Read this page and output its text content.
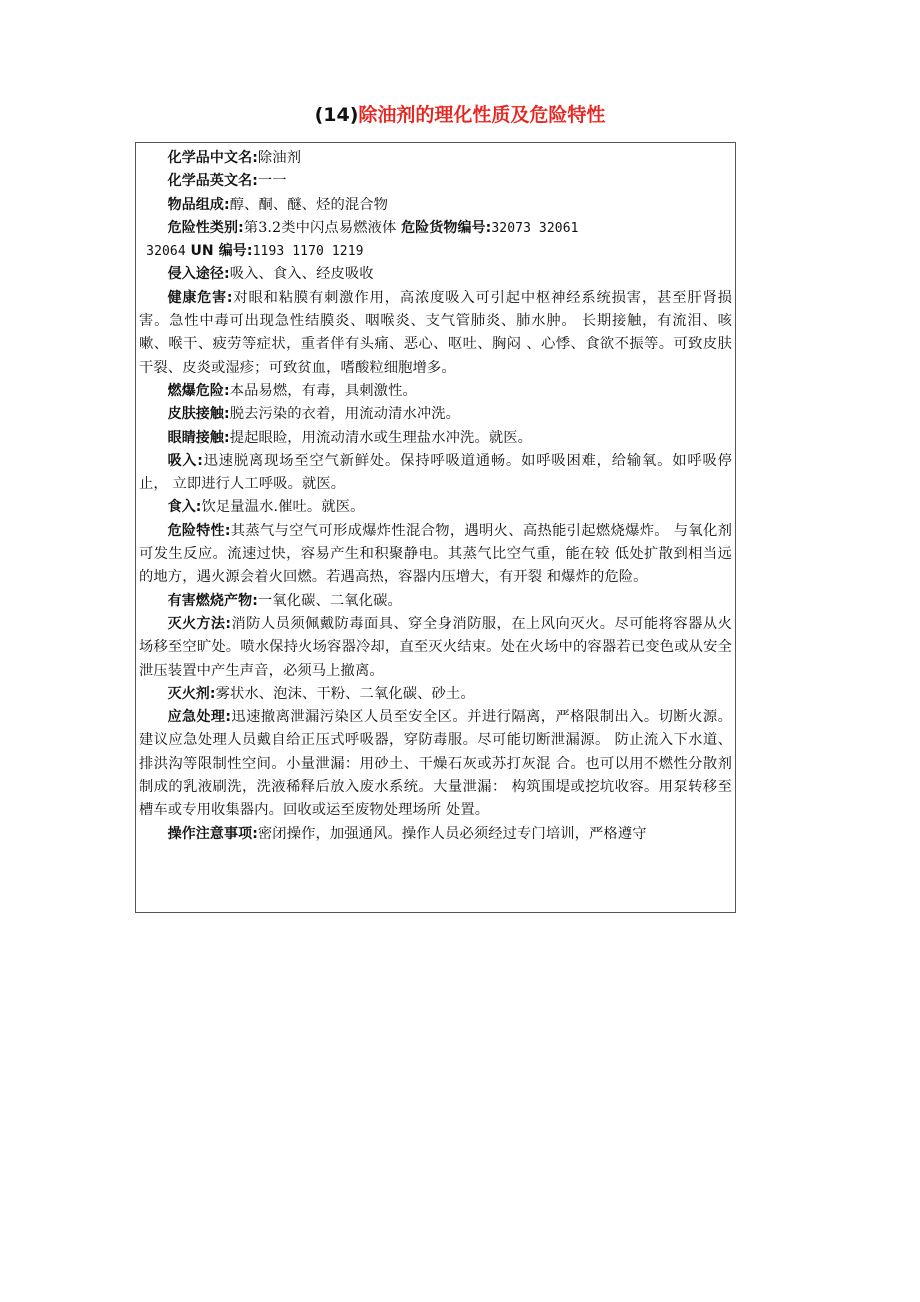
(14)除油剂的理化性质及危险特性

化学品中文名:除油剂

化学品英文名:一一

物品组成:醇、酮、醚、烃的混合物

危险性类别:第3.2类中闪点易燃液体 危险货物编号:32073 32061

32064 UN 编号:1193 1170 1219

侵入途径:吸入、食入、经皮吸收

健康危害:对眼和粘膜有刺激作用，高浓度吸入可引起中枢神经系统损害，甚至肝肾损害。急性中毒可出现急性结膜炎、咽喉炎、支气管肺炎、肺水肿。 长期接触，有流泪、咳嗽、喉干、疲劳等症状，重者伴有头痛、恶心、呕吐、胸闷 、心悸、食欲不振等。可致皮肤干裂、皮炎或湿疹；可致贫血，嗜酸粒细胞增多。

燃爆危险:本品易燃，有毒，具刺激性。

皮肤接触:脱去污染的衣着，用流动清水冲洗。

眼睛接触:提起眼睑，用流动清水或生理盐水冲洗。就医。

吸入:迅速脱离现场至空气新鲜处。保持呼吸道通畅。如呼吸困难，给输氧。如呼吸停止， 立即进行人工呼吸。就医。

食入:饮足量温水.催吐。就医。

危险特性:其蒸气与空气可形成爆炸性混合物，遇明火、高热能引起燃烧爆炸。 与氧化剂可发生反应。流速过快，容易产生和积聚静电。其蒸气比空气重，能在较 低处扩散到相当远的地方，遇火源会着火回燃。若遇高热，容器内压增大，有开裂 和爆炸的危险。

有害燃烧产物:一氧化碳、二氧化碳。

灭火方法:消防人员须佩戴防毒面具、穿全身消防服，在上风向灭火。尽可能将容器从火场移至空旷处。喷水保持火场容器冷却，直至灭火结束。处在火场中的容器若已变色或从安全泄压装置中产生声音，必须马上撤离。

灭火剂:雾状水、泡沫、干粉、二氧化碳、砂土。

应急处理:迅速撤离泄漏污染区人员至安全区。并进行隔离，严格限制出入。切断火源。建议应急处理人员戴自给正压式呼吸器，穿防毒服。尽可能切断泄漏源。 防止流入下水道、排洪沟等限制性空间。小量泄漏：用砂土、干燥石灰或苏打灰混 合。也可以用不燃性分散剂制成的乳液刷洗，洗液稀释后放入废水系统。大量泄漏： 构筑围堤或挖坑收容。用泵转移至槽车或专用收集器内。回收或运至废物处理场所 处置。

操作注意事项:密闭操作，加强通风。操作人员必须经过专门培训，严格遵守
